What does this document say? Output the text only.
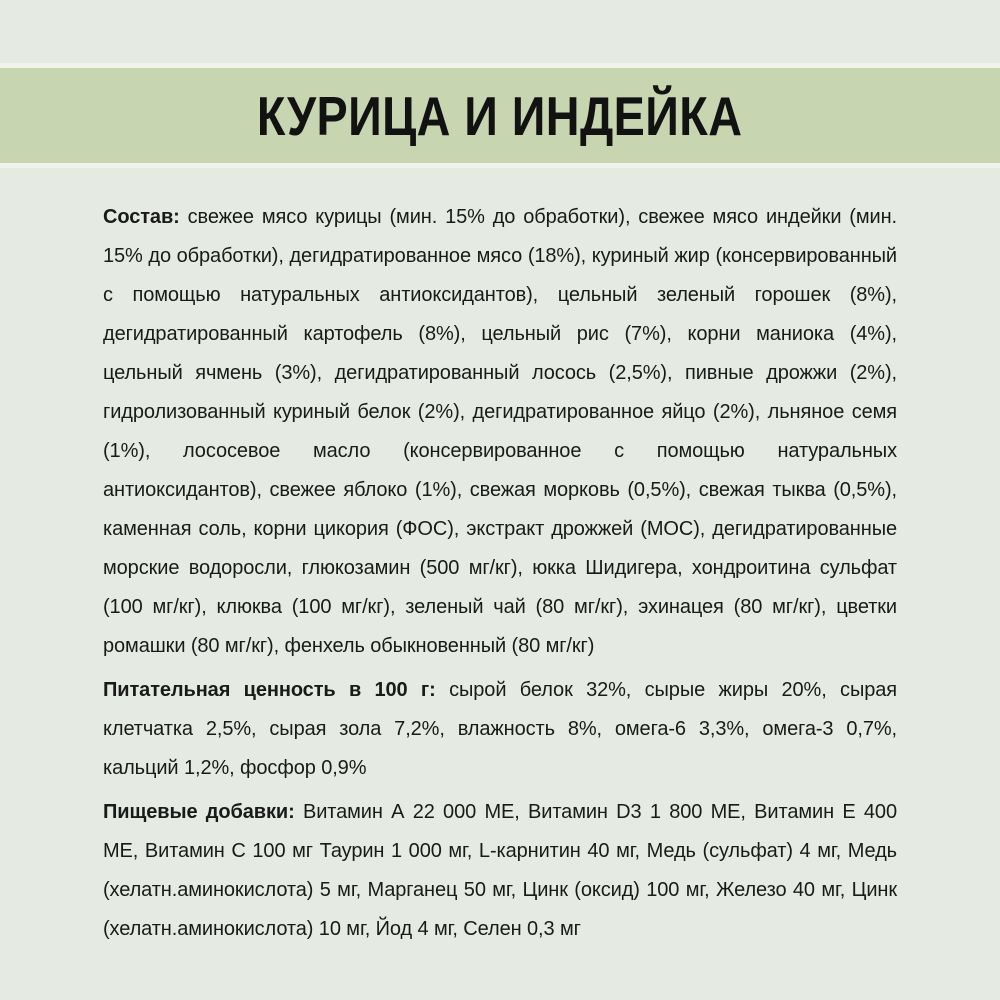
КУРИЦА И ИНДЕЙКА

Состав: свежее мясо курицы (мин. 15% до обработки), свежее мясо индейки (мин. 15% до обработки), дегидратированное мясо (18%), куриный жир (консервированный с помощью натуральных антиоксидантов), цельный зеленый горошек (8%), дегидратированный картофель (8%), цельный рис (7%), корни маниока (4%), цельный ячмень (3%), дегидратированный лосось (2,5%), пивные дрожжи (2%), гидролизованный куриный белок (2%), дегидратированное яйцо (2%), льняное семя (1%), лососевое масло (консервированное с помощью натуральных антиоксидантов), свежее яблоко (1%), свежая морковь (0,5%), свежая тыква (0,5%), каменная соль, корни цикория (ФОС), экстракт дрожжей (МОС), дегидратированные морские водоросли, глюкозамин (500 мг/кг), юкка Шидигера, хондроитина сульфат (100 мг/кг), клюква (100 мг/кг), зеленый чай (80 мг/кг), эхинацея (80 мг/кг), цветки ромашки (80 мг/кг), фенхель обыкновенный (80 мг/кг)

Питательная ценность в 100 г: сырой белок 32%, сырые жиры 20%, сырая клетчатка 2,5%, сырая зола 7,2%, влажность 8%, омега-6 3,3%, омега-3 0,7%, кальций 1,2%, фосфор 0,9%

Пищевые добавки: Витамин А 22 000 МЕ, Витамин D3 1 800 МЕ, Витамин Е 400 МЕ, Витамин С 100 мг Таурин 1 000 мг, L-карнитин 40 мг, Медь (сульфат) 4 мг, Медь (хелатн.аминокислота) 5 мг, Марганец 50 мг, Цинк (оксид) 100 мг, Железо 40 мг, Цинк (хелатн.аминокислота) 10 мг, Йод 4 мг, Селен 0,3 мг
